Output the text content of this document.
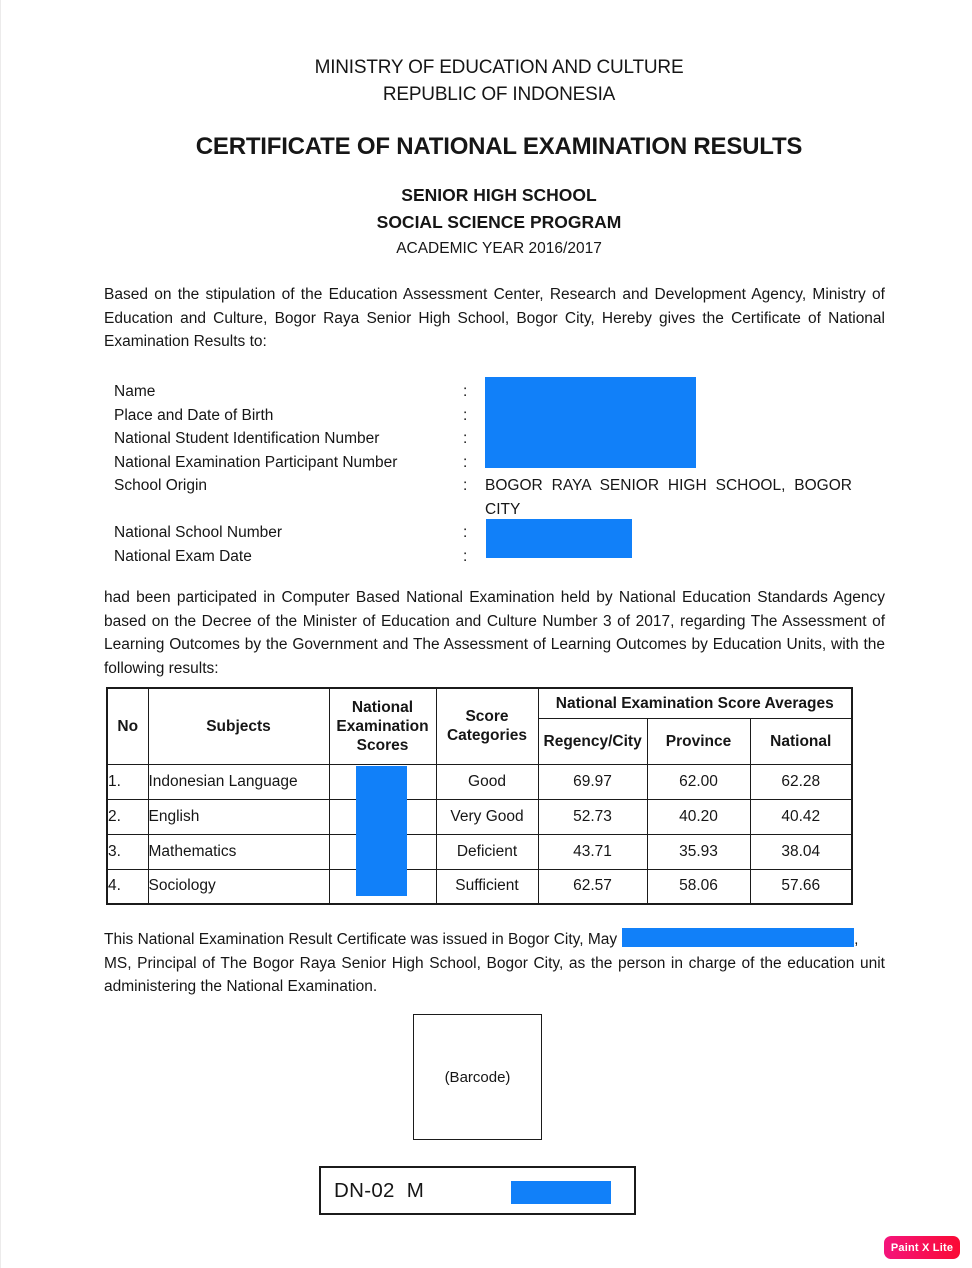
MINISTRY OF EDUCATION AND CULTURE
REPUBLIC OF INDONESIA
CERTIFICATE OF NATIONAL EXAMINATION RESULTS
SENIOR HIGH SCHOOL
SOCIAL SCIENCE PROGRAM
ACADEMIC YEAR 2016/2017

Based on the stipulation of the Education Assessment Center, Research and Development Agency, Ministry of Education and Culture, Bogor Raya Senior High School, Bogor City, Hereby gives the Certificate of National Examination Results to:

Name	:
Place and Date of Birth	:
National Student Identification Number	:
National Examination Participant Number	:
School Origin	:	BOGOR RAYA SENIOR HIGH SCHOOL, BOGOR CITY
National School Number	:
National Exam Date	:

had been participated in Computer Based National Examination held by National Education Standards Agency based on the Decree of the Minister of Education and Culture Number 3 of 2017, regarding The Assessment of Learning Outcomes by the Government and The Assessment of Learning Outcomes by Education Units, with the following results:

No	Subjects	National Examination Scores	Score Categories	National Examination Score Averages		
				Regency/City	Province	National
1.	Indonesian Language		Good	69.97	62.00	62.28
2.	English		Very Good	52.73	40.20	40.42
3.	Mathematics		Deficient	43.71	35.93	38.04
4.	Sociology		Sufficient	62.57	58.06	57.66
This National Examination Result Certificate was issued in Bogor City, May	,

MS, Principal of The Bogor Raya Senior High School, Bogor City, as the person in charge of the education unit administering the National Examination.

(Barcode)
DN-02  M
Paint X Lite
